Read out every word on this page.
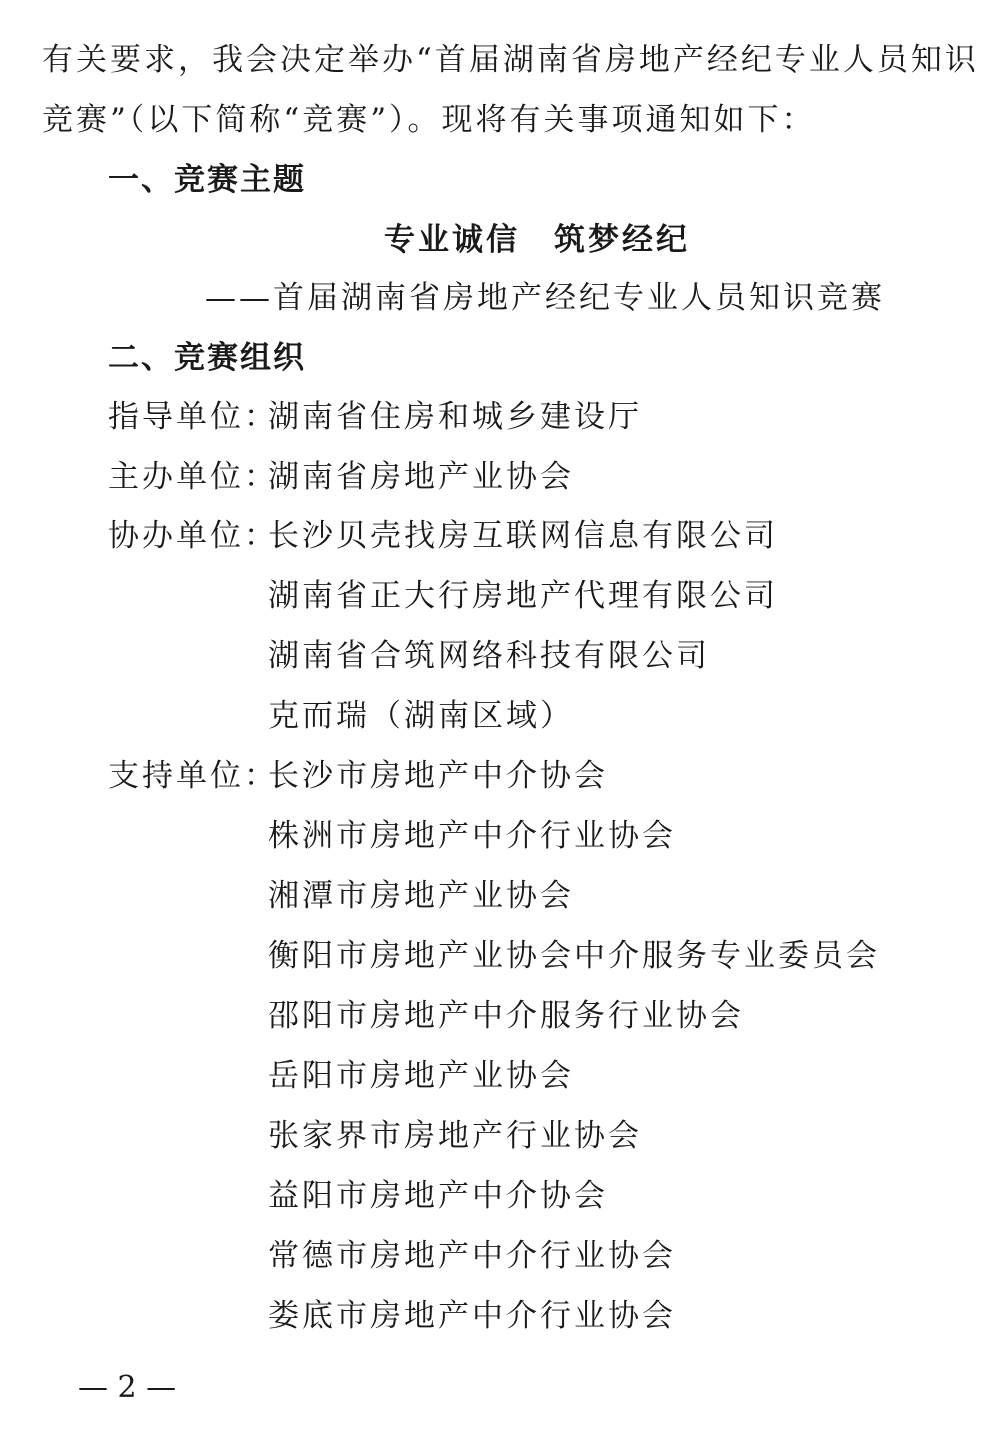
有关要求，我会决定举办“首届湖南省房地产经纪专业人员知识
竞赛”（以下简称“竞赛”）。现将有关事项通知如下：
一、竞赛主题
专业诚信 筑梦经纪
——首届湖南省房地产经纪专业人员知识竞赛
二、竞赛组织
指导单位：
湖南省住房和城乡建设厅
主办单位：
湖南省房地产业协会
协办单位：
长沙贝壳找房互联网信息有限公司
湖南省正大行房地产代理有限公司
湖南省合筑网络科技有限公司
克而瑞（湖南区域）
支持单位：
长沙市房地产中介协会
株洲市房地产中介行业协会
湘潭市房地产业协会
衡阳市房地产业协会中介服务专业委员会
邵阳市房地产中介服务行业协会
岳阳市房地产业协会
张家界市房地产行业协会
益阳市房地产中介协会
常德市房地产中介行业协会
娄底市房地产中介行业协会
— 2 —
